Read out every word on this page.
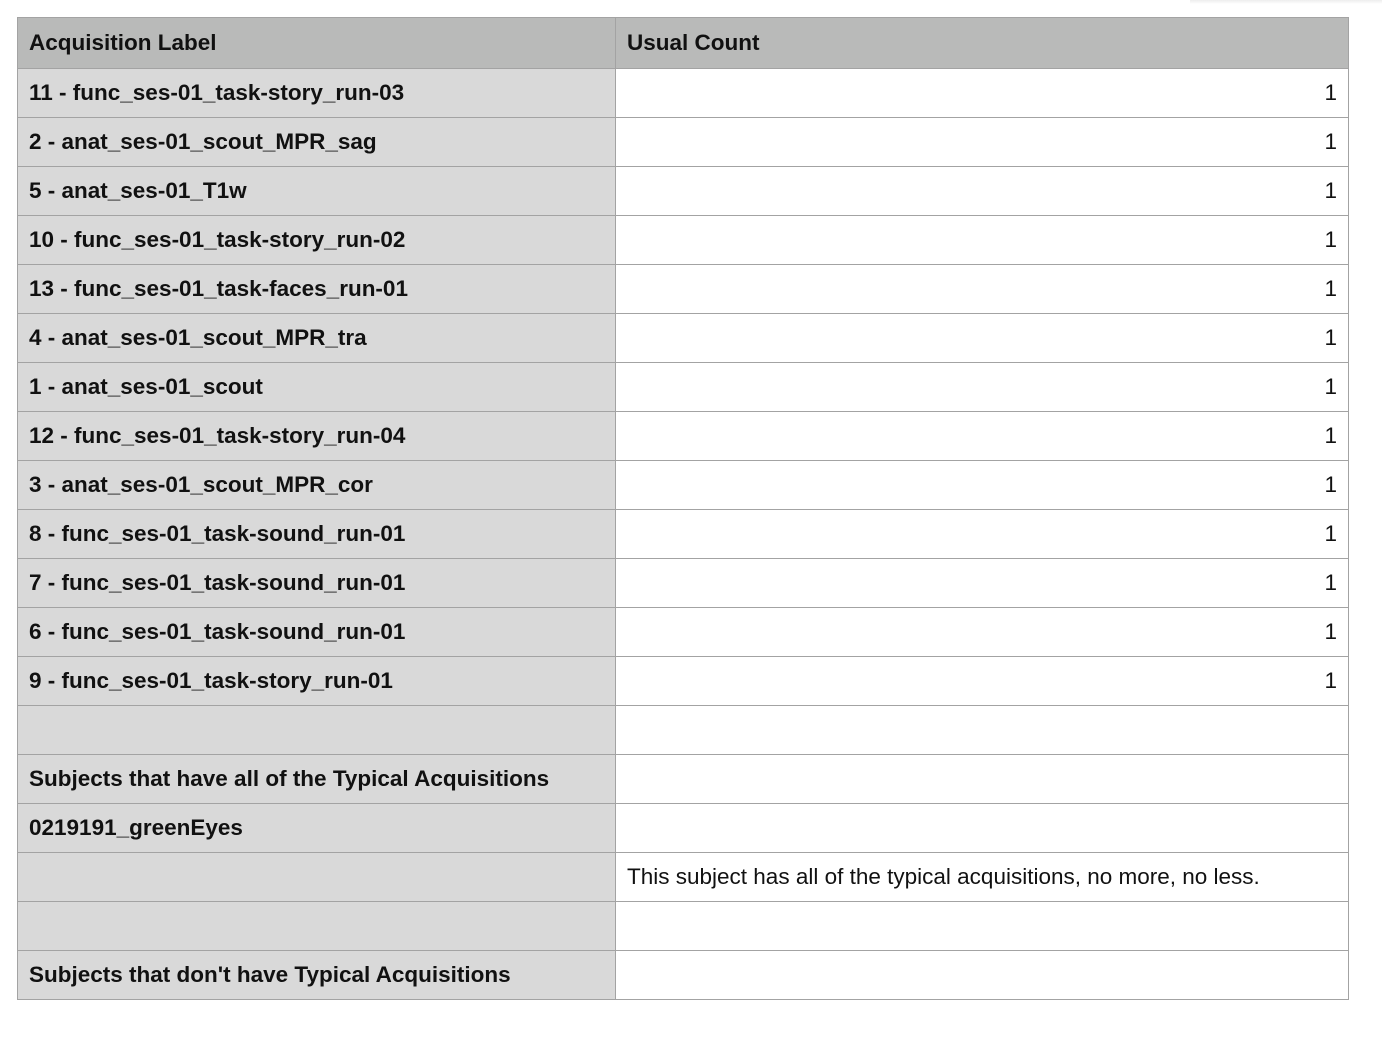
Acquisition Label	Usual Count
11 - func_ses-01_task-story_run-03	1
2 - anat_ses-01_scout_MPR_sag	1
5 - anat_ses-01_T1w	1
10 - func_ses-01_task-story_run-02	1
13 - func_ses-01_task-faces_run-01	1
4 - anat_ses-01_scout_MPR_tra	1
1 - anat_ses-01_scout	1
12 - func_ses-01_task-story_run-04	1
3 - anat_ses-01_scout_MPR_cor	1
8 - func_ses-01_task-sound_run-01	1
7 - func_ses-01_task-sound_run-01	1
6 - func_ses-01_task-sound_run-01	1
9 - func_ses-01_task-story_run-01	1

Subjects that have all of the Typical Acquisitions	
0219191_greenEyes	
	This subject has all of the typical acquisitions, no more, no less.

Subjects that don't have Typical Acquisitions	
